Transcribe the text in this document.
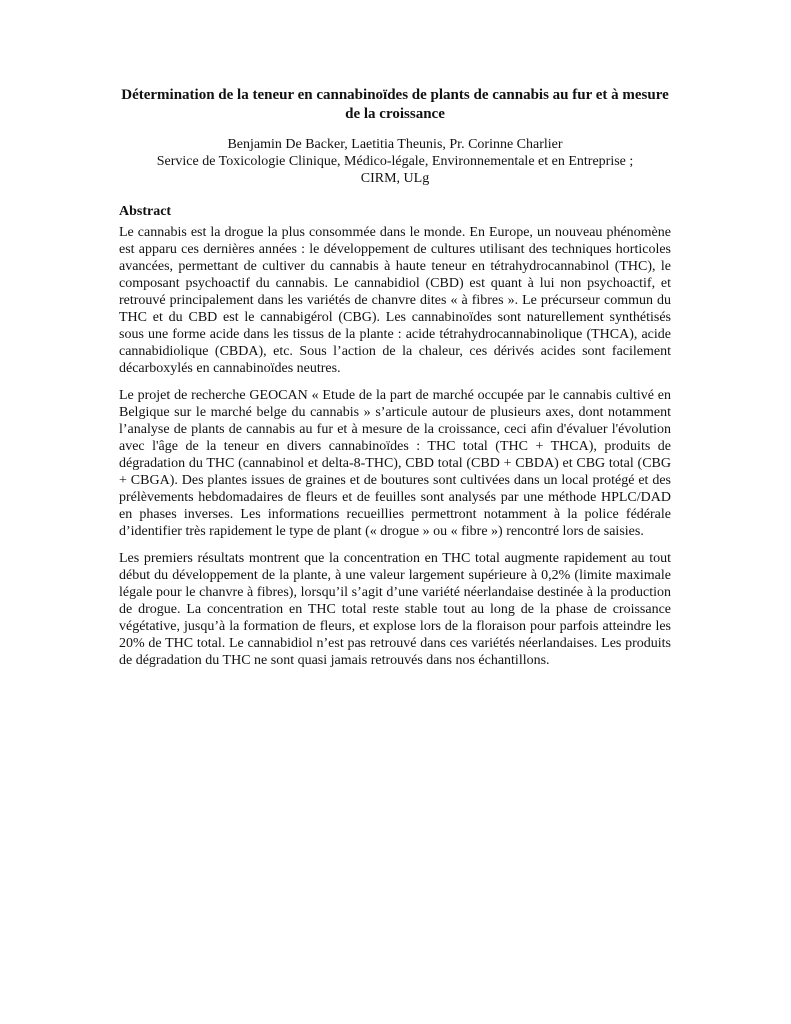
Détermination de la teneur en cannabinoïdes de plants de cannabis au fur et à mesure de la croissance

Benjamin De Backer, Laetitia Theunis, Pr. Corinne Charlier

Service de Toxicologie Clinique, Médico-légale, Environnementale et en Entreprise ;

CIRM, ULg

Abstract

Le cannabis est la drogue la plus consommée dans le monde. En Europe, un nouveau phénomène est apparu ces dernières années : le développement de cultures utilisant des techniques horticoles avancées, permettant de cultiver du cannabis à haute teneur en tétrahydrocannabinol (THC), le composant psychoactif du cannabis. Le cannabidiol (CBD) est quant à lui non psychoactif, et retrouvé principalement dans les variétés de chanvre dites « à fibres ». Le précurseur commun du THC et du CBD est le cannabigérol (CBG). Les cannabinoïdes sont naturellement synthétisés sous une forme acide dans les tissus de la plante : acide tétrahydrocannabinolique (THCA), acide cannabidiolique (CBDA), etc. Sous l’action de la chaleur, ces dérivés acides sont facilement décarboxylés en cannabinoïdes neutres.

Le projet de recherche GEOCAN « Etude de la part de marché occupée par le cannabis cultivé en Belgique sur le marché belge du cannabis » s’articule autour de plusieurs axes, dont notamment l’analyse de plants de cannabis au fur et à mesure de la croissance, ceci afin d'évaluer l'évolution avec l'âge de la teneur en divers cannabinoïdes : THC total (THC + THCA), produits de dégradation du THC (cannabinol et delta-8-THC), CBD total (CBD + CBDA) et CBG total (CBG + CBGA). Des plantes issues de graines et de boutures sont cultivées dans un local protégé et des prélèvements hebdomadaires de fleurs et de feuilles sont analysés par une méthode HPLC/DAD en phases inverses. Les informations recueillies permettront notamment à la police fédérale d’identifier très rapidement le type de plant (« drogue » ou « fibre ») rencontré lors de saisies.

Les premiers résultats montrent que la concentration en THC total augmente rapidement au tout début du développement de la plante, à une valeur largement supérieure à 0,2% (limite maximale légale pour le chanvre à fibres), lorsqu’il s’agit d’une variété néerlandaise destinée à la production de drogue. La concentration en THC total reste stable tout au long de la phase de croissance végétative, jusqu’à la formation de fleurs, et explose lors de la floraison pour parfois atteindre les 20% de THC total. Le cannabidiol n’est pas retrouvé dans ces variétés néerlandaises. Les produits de dégradation du THC ne sont quasi jamais retrouvés dans nos échantillons.
